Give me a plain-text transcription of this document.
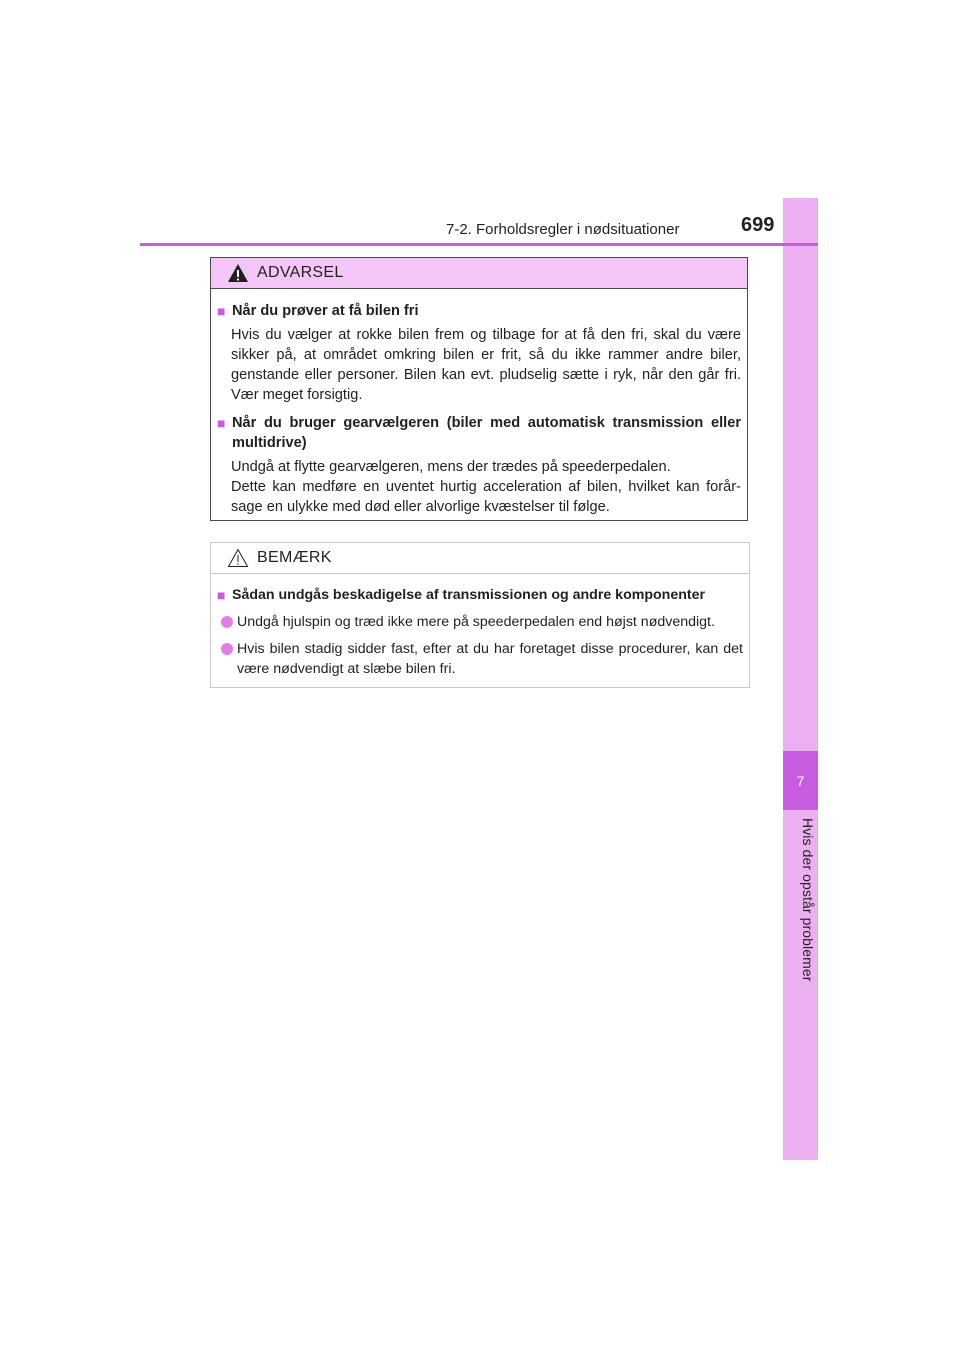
7
Hvis der opstår problemer
7-2. Forholdsregler i nødsituationer	699
ADVARSEL
■ Når du prøver at få bilen fri

Hvis du vælger at rokke bilen frem og tilbage for at få den fri, skal du være sikker på, at området omkring bilen er frit, så du ikke rammer andre biler, genstande eller personer. Bilen kan evt. pludselig sætte i ryk, når den går fri. Vær meget forsigtig.

■ Når du bruger gearvælgeren (biler med automatisk transmission eller multidrive)

Undgå at flytte gearvælgeren, mens der trædes på speederpedalen.

Dette kan medføre en uventet hurtig acceleration af bilen, hvilket kan forår-sage en ulykke med død eller alvorlige kvæstelser til følge.

BEMÆRK
■ Sådan undgås beskadigelse af transmissionen og andre komponenter
Undgå hjulspin og træd ikke mere på speederpedalen end højst nødvendigt.
Hvis bilen stadig sidder fast, efter at du har foretaget disse procedurer, kan det være nødvendigt at slæbe bilen fri.
